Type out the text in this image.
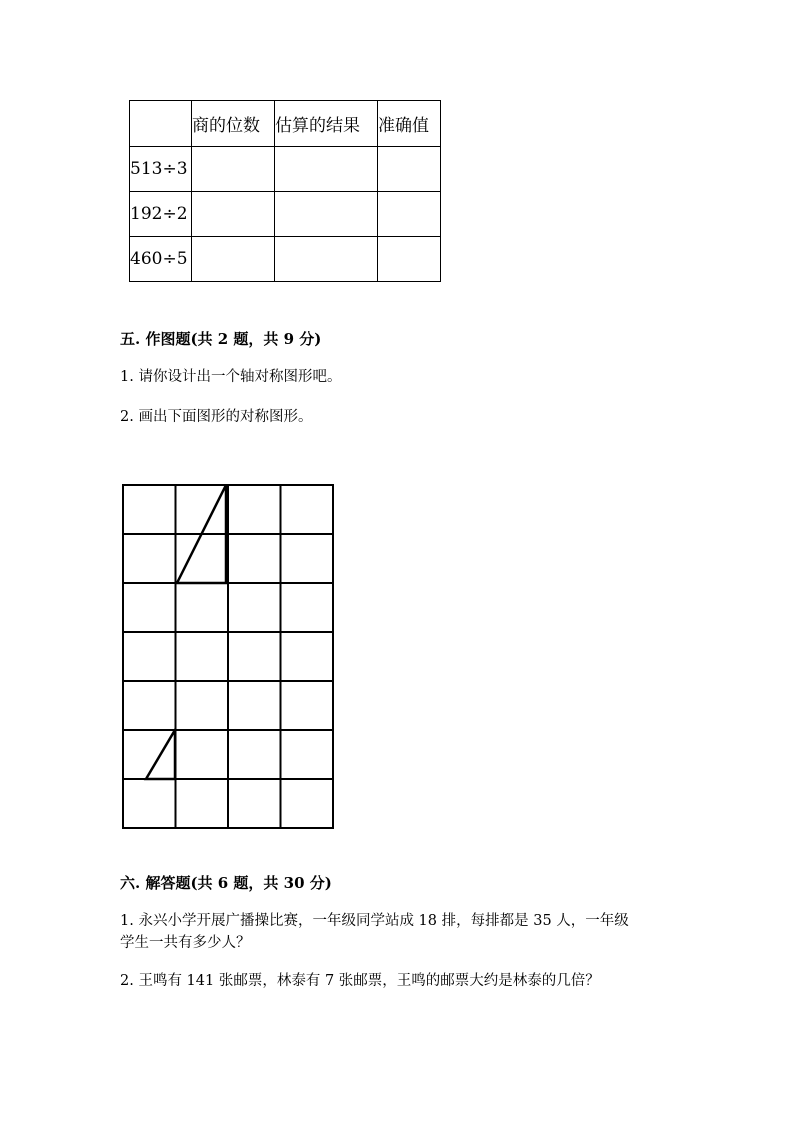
	商的位数	估算的结果	准确值
513÷3			
192÷2			
460÷5			
五. 作图题(共 2 题，共 9 分)
1. 请你设计出一个轴对称图形吧。
2. 画出下面图形的对称图形。
六. 解答题(共 6 题，共 30 分)
1. 永兴小学开展广播操比赛，一年级同学站成 18 排，每排都是 35 人，一年级
学生一共有多少人？
2. 王鸣有 141 张邮票，林泰有 7 张邮票，王鸣的邮票大约是林泰的几倍？
